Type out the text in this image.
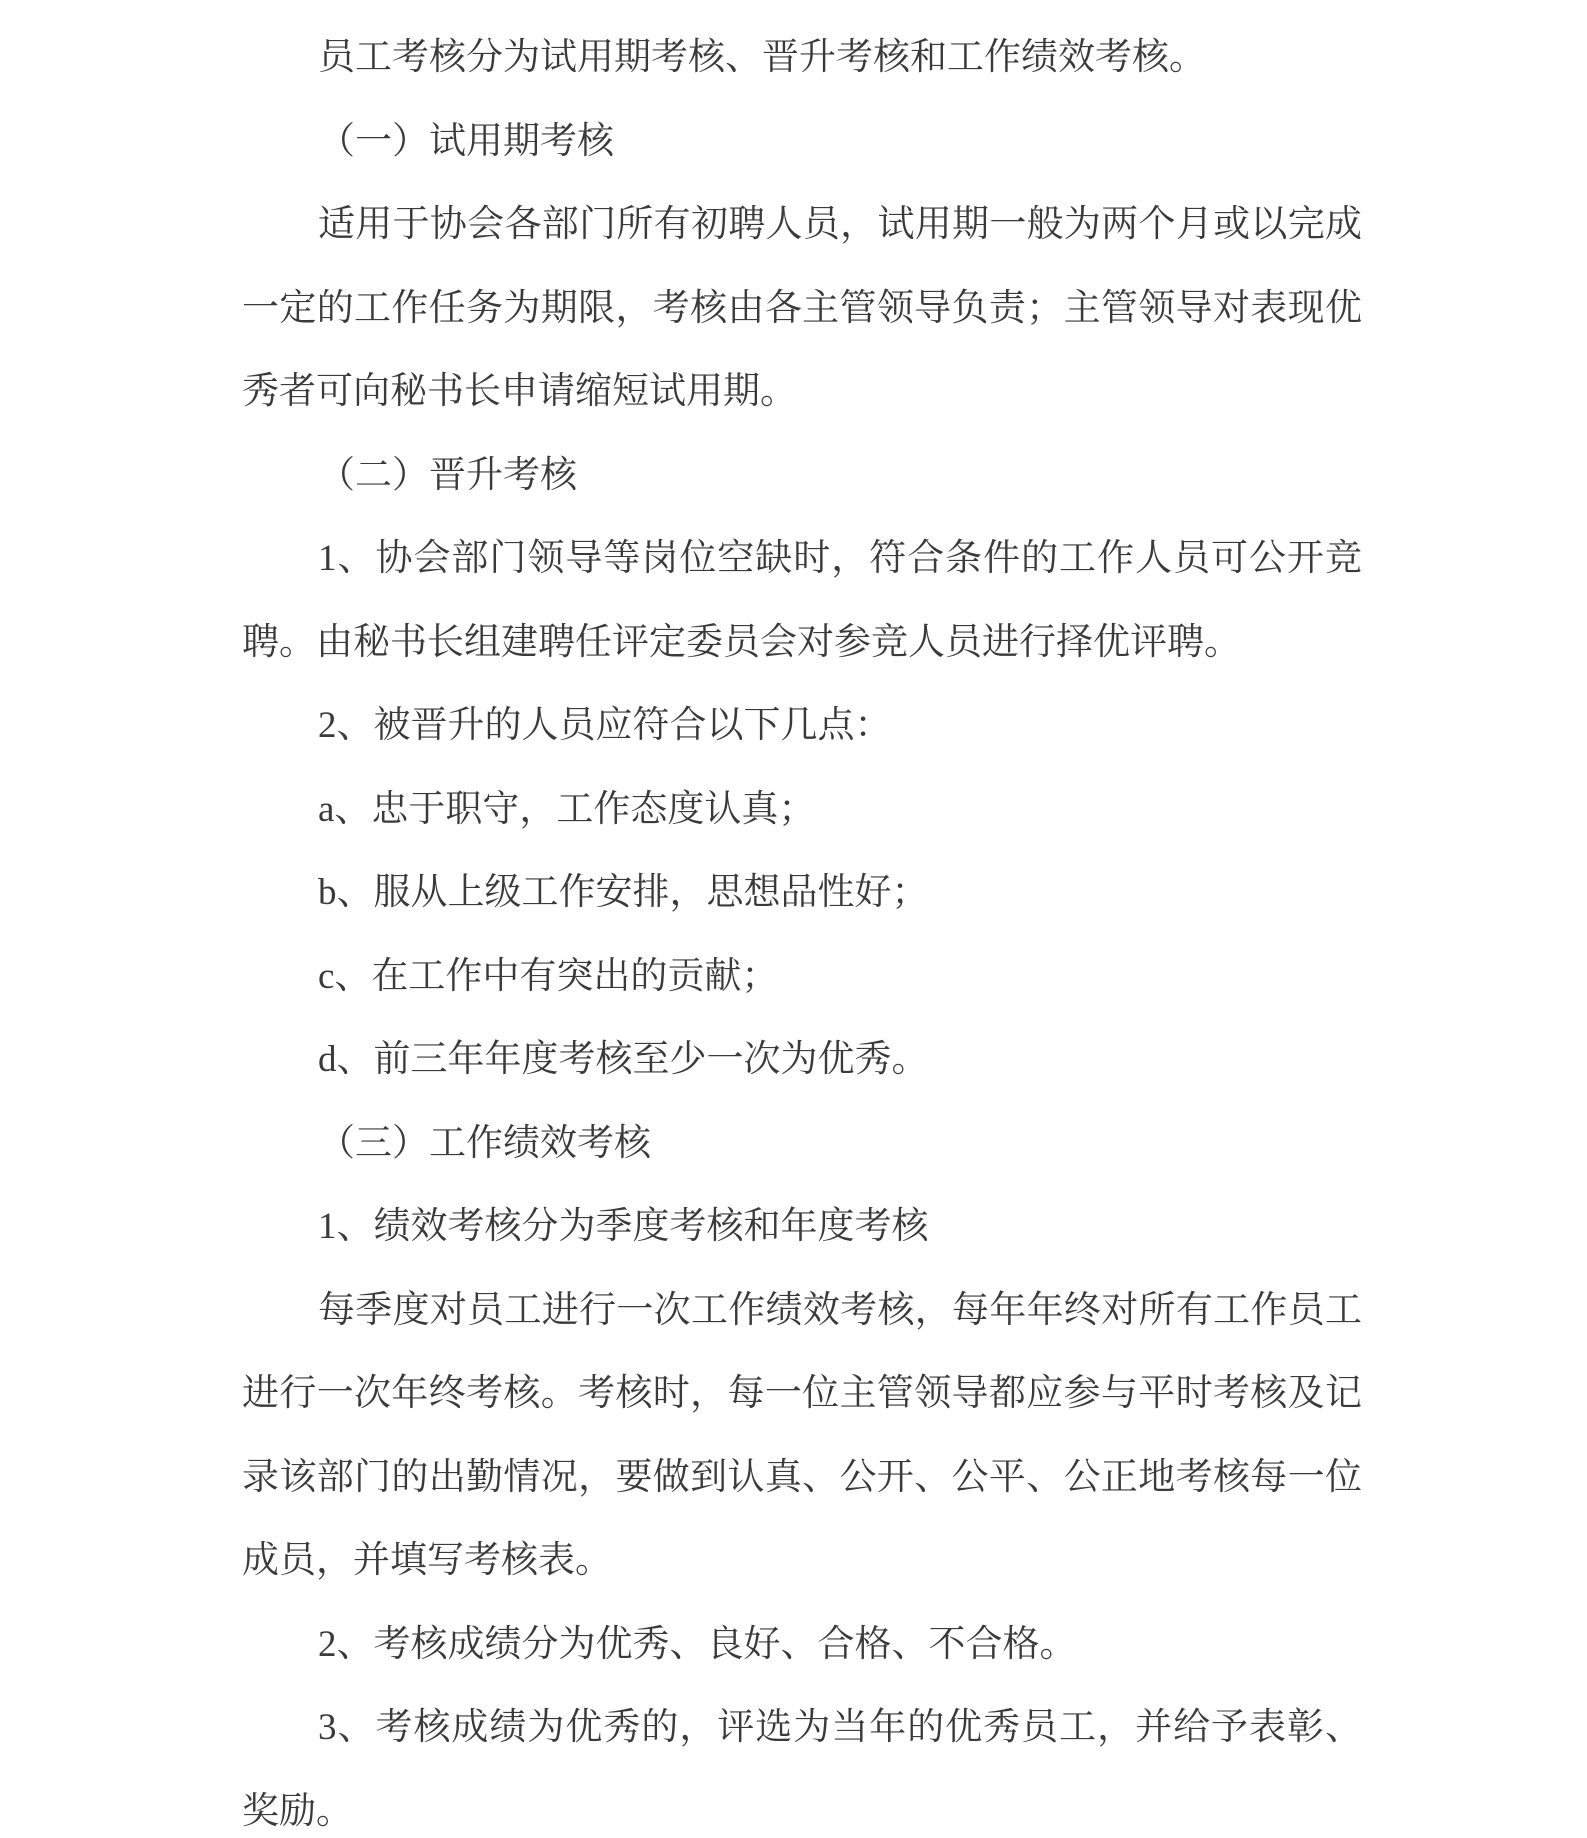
员工考核分为试用期考核、晋升考核和工作绩效考核。
（一）试用期考核
适用于协会各部门所有初聘人员，试用期一般为两个月或以完成
一定的工作任务为期限，考核由各主管领导负责；主管领导对表现优
秀者可向秘书长申请缩短试用期。
（二）晋升考核
1、协会部门领导等岗位空缺时，符合条件的工作人员可公开竞
聘。由秘书长组建聘任评定委员会对参竞人员进行择优评聘。
2、被晋升的人员应符合以下几点：
a、忠于职守，工作态度认真；
b、服从上级工作安排，思想品性好；
c、在工作中有突出的贡献；
d、前三年年度考核至少一次为优秀。
（三）工作绩效考核
1、绩效考核分为季度考核和年度考核
每季度对员工进行一次工作绩效考核，每年年终对所有工作员工
进行一次年终考核。考核时，每一位主管领导都应参与平时考核及记
录该部门的出勤情况，要做到认真、公开、公平、公正地考核每一位
成员，并填写考核表。
2、考核成绩分为优秀、良好、合格、不合格。
3、考核成绩为优秀的，评选为当年的优秀员工，并给予表彰、
奖励。
